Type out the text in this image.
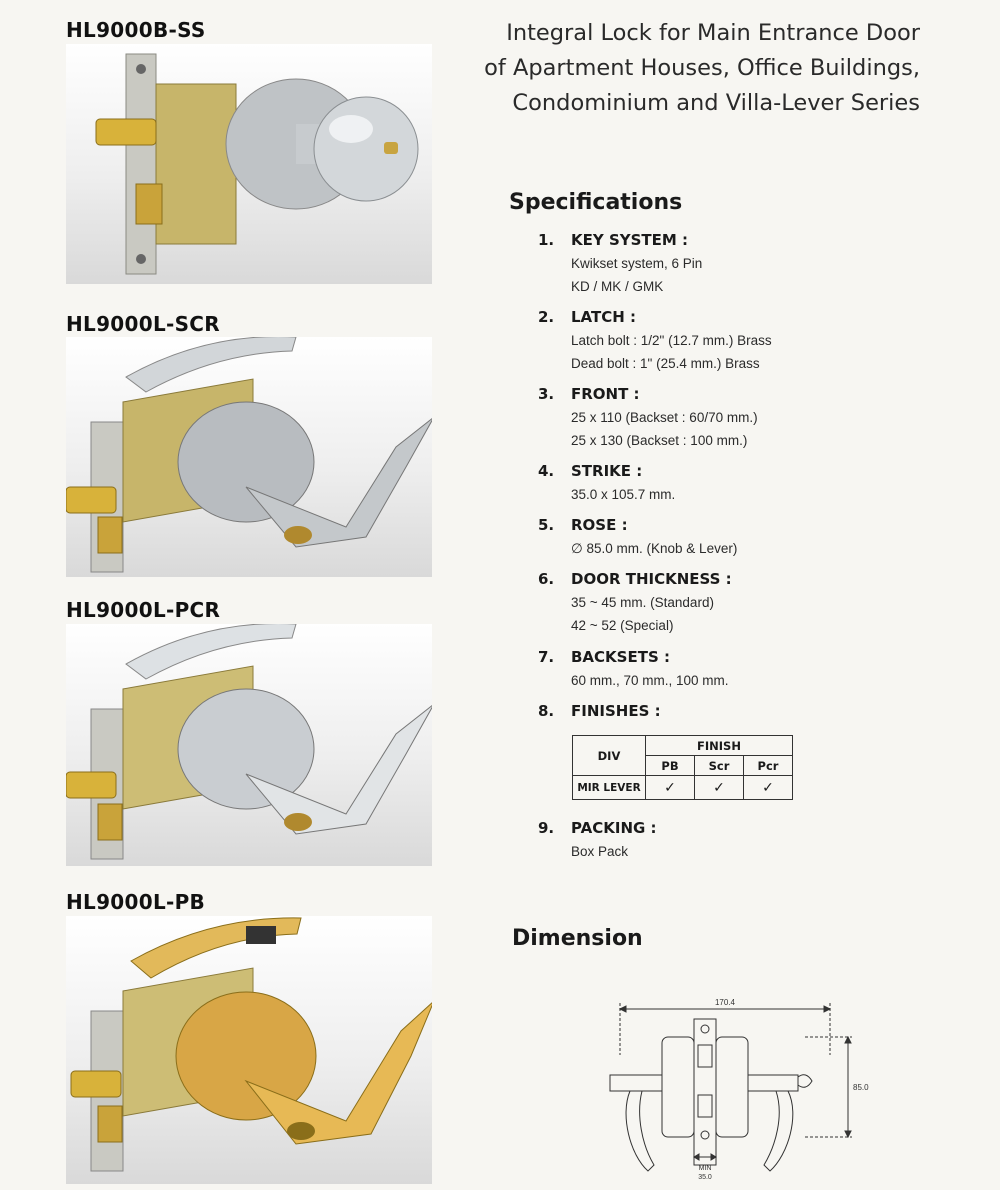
HL9000B-SS
HL9000L-SCR
HL9000L-PCR
HL9000L-PB
Integral Lock for Main Entrance Door
of Apartment Houses, Office Buildings,
Condominium and Villa-Lever Series
Specifications
1. KEY SYSTEM :
Kwikset system, 6 Pin
KD / MK / GMK
2. LATCH :
Latch bolt : 1/2" (12.7 mm.) Brass
Dead bolt : 1" (25.4 mm.) Brass
3. FRONT :
25 x 110 (Backset : 60/70 mm.)
25 x 130 (Backset : 100 mm.)
4. STRIKE :
35.0 x 105.7 mm.
5. ROSE :
∅ 85.0 mm. (Knob & Lever)
6. DOOR THICKNESS :
35 ~ 45 mm. (Standard)
42 ~ 52 (Special)
7. BACKSETS :
60 mm., 70 mm., 100 mm.
8. FINISHES :
DIV	FINISH		
	PB	Scr	Pcr
MIR LEVER	✓	✓	✓
9. PACKING :
Box Pack
Dimension
170.4
85.0
MIN
35.0
